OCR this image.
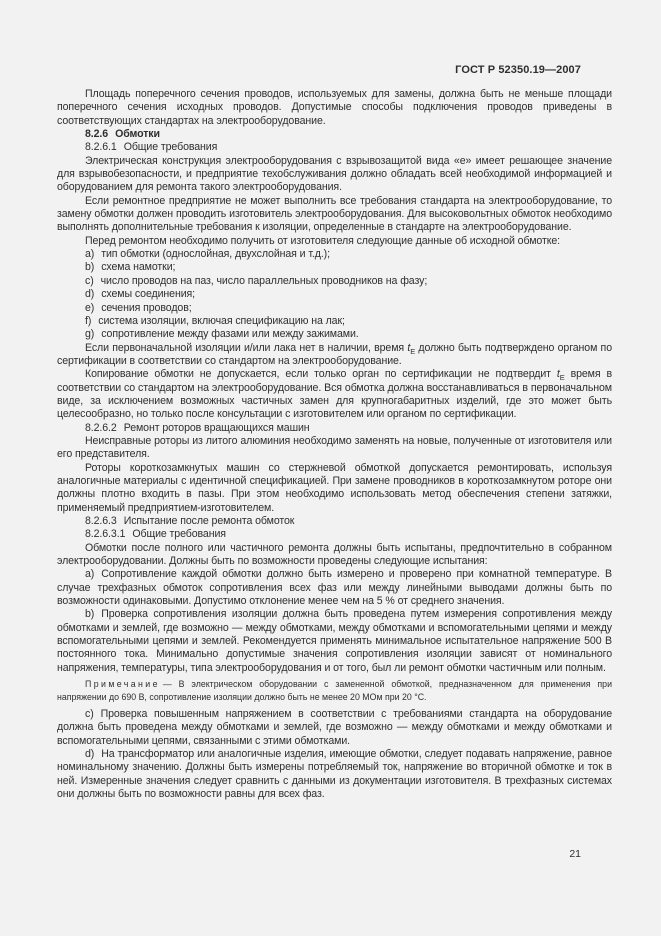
ГОСТ Р 52350.19—2007

Площадь поперечного сечения проводов, используемых для замены, должна быть не меньше площади поперечного сечения исходных проводов. Допустимые способы подключения проводов приведены в соответствующих стандартах на электрооборудование.

8.2.6 Обмотки

8.2.6.1 Общие требования

Электрическая конструкция электрооборудования с взрывозащитой вида «е» имеет решающее значение для взрывобезопасности, и предприятие техобслуживания должно обладать всей необходимой информацией и оборудованием для ремонта такого электрооборудования.

Если ремонтное предприятие не может выполнить все требования стандарта на электрооборудование, то замену обмотки должен проводить изготовитель электрооборудования. Для высоковольтных обмоток необходимо выполнять дополнительные требования к изоляции, определенные в стандарте на электрооборудование.

Перед ремонтом необходимо получить от изготовителя следующие данные об исходной обмотке:

a) тип обмотки (однослойная, двухслойная и т.д.);

b) схема намотки;

c) число проводов на паз, число параллельных проводников на фазу;

d) схемы соединения;

e) сечения проводов;

f) система изоляции, включая спецификацию на лак;

g) сопротивление между фазами или между зажимами.

Если первоначальной изоляции и/или лака нет в наличии, время $t_E$ должно быть подтверждено органом по сертификации в соответствии со стандартом на электрооборудование.

Копирование обмотки не допускается, если только орган по сертификации не подтвердит $t_E$ время в соответствии со стандартом на электрооборудование. Вся обмотка должна восстанавливаться в первоначальном виде, за исключением возможных частичных замен для крупногабаритных изделий, где это может быть целесообразно, но только после консультации с изготовителем или органом по сертификации.

8.2.6.2 Ремонт роторов вращающихся машин

Неисправные роторы из литого алюминия необходимо заменять на новые, полученные от изготовителя или его представителя.

Роторы короткозамкнутых машин со стержневой обмоткой допускается ремонтировать, используя аналогичные материалы с идентичной спецификацией. При замене проводников в короткозамкнутом роторе они должны плотно входить в пазы. При этом необходимо использовать метод обеспечения степени затяжки, применяемый предприятием-изготовителем.

8.2.6.3 Испытание после ремонта обмоток

8.2.6.3.1 Общие требования

Обмотки после полного или частичного ремонта должны быть испытаны, предпочтительно в собранном электрооборудовании. Должны быть по возможности проведены следующие испытания:

a) Сопротивление каждой обмотки должно быть измерено и проверено при комнатной температуре. В случае трехфазных обмоток сопротивления всех фаз или между линейными выводами должны быть по возможности одинаковыми. Допустимо отклонение менее чем на 5 % от среднего значения.

b) Проверка сопротивления изоляции должна быть проведена путем измерения сопротивления между обмотками и землей, где возможно — между обмотками, между обмотками и вспомогательными цепями и между вспомогательными цепями и землей. Рекомендуется применять минимальное испытательное напряжение 500 В постоянного тока. Минимально допустимые значения сопротивления изоляции зависят от номинального напряжения, температуры, типа электрооборудования и от того, был ли ремонт обмотки частичным или полным.

Примечание — В электрическом оборудовании с замененной обмоткой, предназначенном для применения при напряжении до 690 В, сопротивление изоляции должно быть не менее 20 МОм при 20 °С.

c) Проверка повышенным напряжением в соответствии с требованиями стандарта на оборудование должна быть проведена между обмотками и землей, где возможно — между обмотками и между обмотками и вспомогательными цепями, связанными с этими обмотками.

d) На трансформатор или аналогичные изделия, имеющие обмотки, следует подавать напряжение, равное номинальному значению. Должны быть измерены потребляемый ток, напряжение во вторичной обмотке и ток в ней. Измеренные значения следует сравнить с данными из документации изготовителя. В трехфазных системах они должны быть по возможности равны для всех фаз.

21
